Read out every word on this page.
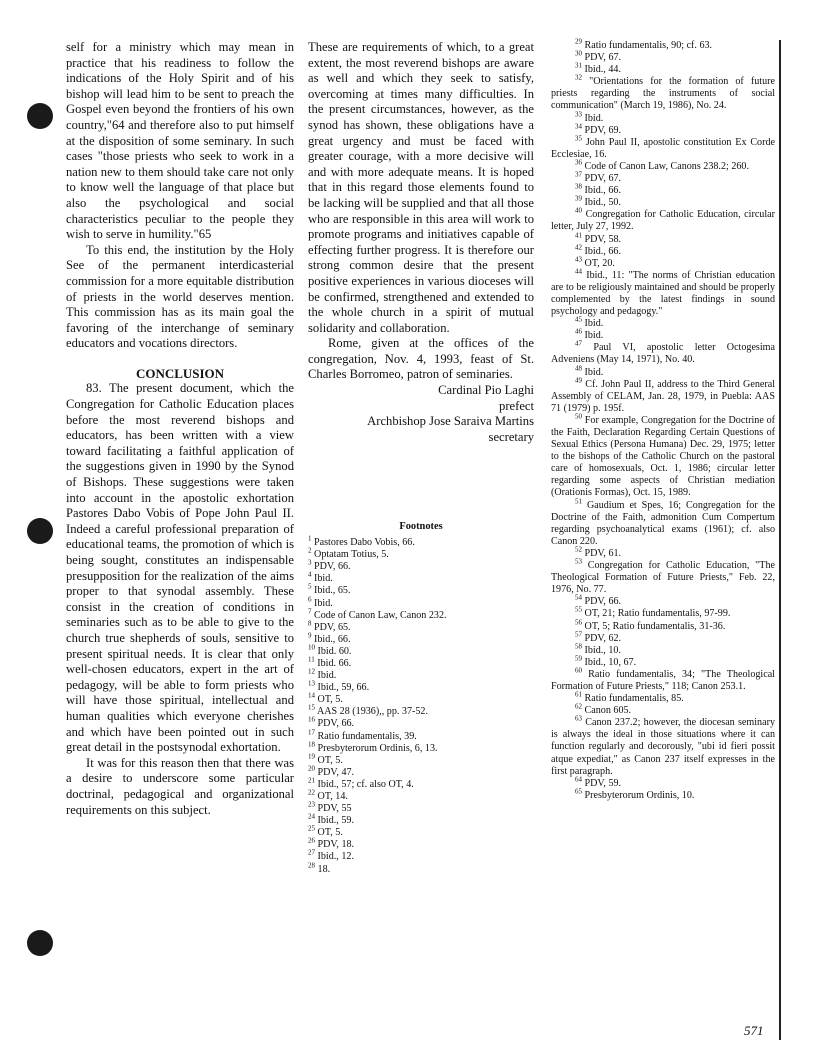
self for a ministry which may mean in practice that his readiness to follow the indications of the Holy Spirit and of his bishop will lead him to be sent to preach the Gospel even beyond the frontiers of his own country,"64 and therefore also to put himself at the disposition of some seminary. In such cases "those priests who seek to work in a nation new to them should take care not only to know well the language of that place but also the psychological and social characteristics peculiar to the people they wish to serve in humility."65

To this end, the institution by the Holy See of the permanent interdicasterial commission for a more equitable distribution of priests in the world deserves mention. This commission has as its main goal the favoring of the interchange of seminary educators and vocations directors.

CONCLUSION

83. The present document, which the Congregation for Catholic Education places before the most reverend bishops and educators, has been written with a view toward facilitating a faithful application of the suggestions given in 1990 by the Synod of Bishops. These suggestions were taken into account in the apostolic exhortation Pastores Dabo Vobis of Pope John Paul II. Indeed a careful professional preparation of educational teams, the promotion of which is being sought, constitutes an indispensable presupposition for the realization of the aims proper to that synodal assembly. These consist in the creation of conditions in seminaries such as to be able to give to the church true shepherds of souls, sensitive to present spiritual needs. It is clear that only well-chosen educators, expert in the art of pedagogy, will be able to form priests who will have those spiritual, intellectual and human qualities which everyone cherishes and which have been pointed out in such great detail in the postsynodal exhortation.

It was for this reason then that there was a desire to underscore some particular doctrinal, pedagogical and organizational requirements on this subject.

These are requirements of which, to a great extent, the most reverend bishops are aware as well and which they seek to satisfy, overcoming at times many difficulties. In the present circumstances, however, as the synod has shown, these obligations have a great urgency and must be faced with greater courage, with a more decisive will and with more adequate means. It is hoped that in this regard those elements found to be lacking will be supplied and that all those who are responsible in this area will work to promote programs and initiatives capable of effecting further progress. It is therefore our strong common desire that the present positive experiences in various dioceses will be confirmed, strengthened and extended to the whole church in a spirit of mutual solidarity and collaboration.

Rome, given at the offices of the congregation, Nov. 4, 1993, feast of St. Charles Borromeo, patron of seminaries.

Cardinal Pio Laghi

prefect

Archbishop Jose Saraiva Martins

secretary

Footnotes

$^1$ Pastores Dabo Vobis, 66.

$^2$ Optatam Totius, 5.

$^3$ PDV, 66.

$^4$ Ibid.

$^5$ Ibid., 65.

$^6$ Ibid.

$^7$ Code of Canon Law, Canon 232.

$^8$ PDV, 65.

$^9$ Ibid., 66.

$^{10}$ Ibid. 60.

$^{11}$ Ibid. 66.

$^{12}$ Ibid.

$^{13}$ Ibid., 59, 66.

$^{14}$ OT, 5.

$^{15}$ AAS 28 (1936),, pp. 37-52.

$^{16}$ PDV, 66.

$^{17}$ Ratio fundamentalis, 39.

$^{18}$ Presbyterorum Ordinis, 6, 13.

$^{19}$ OT, 5.

$^{20}$ PDV, 47.

$^{21}$ Ibid., 57; cf. also OT, 4.

$^{22}$ OT, 14.

$^{23}$ PDV, 55

$^{24}$ Ibid., 59.

$^{25}$ OT, 5.

$^{26}$ PDV, 18.

$^{27}$ Ibid., 12.

$^{28}$ 18.

$^{29}$ Ratio fundamentalis, 90; cf. 63.

$^{30}$ PDV, 67.

$^{31}$ Ibid., 44.

$^{32}$ "Orientations for the formation of future priests regarding the instruments of social communication" (March 19, 1986), No. 24.

$^{33}$ Ibid.

$^{34}$ PDV, 69.

$^{35}$ John Paul II, apostolic constitution Ex Corde Ecclesiae, 16.

$^{36}$ Code of Canon Law, Canons 238.2; 260.

$^{37}$ PDV, 67.

$^{38}$ Ibid., 66.

$^{39}$ Ibid., 50.

$^{40}$ Congregation for Catholic Education, circular letter, July 27, 1992.

$^{41}$ PDV, 58.

$^{42}$ Ibid., 66.

$^{43}$ OT, 20.

$^{44}$ Ibid., 11: "The norms of Christian education are to be religiously maintained and should be properly complemented by the latest findings in sound psychology and pedagogy."

$^{45}$ Ibid.

$^{46}$ Ibid.

$^{47}$ Paul VI, apostolic letter Octogesima Adveniens (May 14, 1971), No. 40.

$^{48}$ Ibid.

$^{49}$ Cf. John Paul II, address to the Third General Assembly of CELAM, Jan. 28, 1979, in Puebla: AAS 71 (1979) p. 195f.

$^{50}$ For example, Congregation for the Doctrine of the Faith, Declaration Regarding Certain Questions of Sexual Ethics (Persona Humana) Dec. 29, 1975; letter to the bishops of the Catholic Church on the pastoral care of homosexuals, Oct. 1, 1986; circular letter regarding some aspects of Christian mediation (Orationis Formas), Oct. 15, 1989.

$^{51}$ Gaudium et Spes, 16; Congregation for the Doctrine of the Faith, admonition Cum Compertum regarding psychoanalytical exams (1961); cf. also Canon 220.

$^{52}$ PDV, 61.

$^{53}$ Congregation for Catholic Education, "The Theological Formation of Future Priests," Feb. 22, 1976, No. 77.

$^{54}$ PDV, 66.

$^{55}$ OT, 21; Ratio fundamentalis, 97-99.

$^{56}$ OT, 5; Ratio fundamentalis, 31-36.

$^{57}$ PDV, 62.

$^{58}$ Ibid., 10.

$^{59}$ Ibid., 10, 67.

$^{60}$ Ratio fundamentalis, 34; "The Theological Formation of Future Priests," 118; Canon 253.1.

$^{61}$ Ratio fundamentalis, 85.

$^{62}$ Canon 605.

$^{63}$ Canon 237.2; however, the diocesan seminary is always the ideal in those situations where it can function regularly and decorously, "ubi id fieri possit atque expediat," as Canon 237 itself expresses in the first paragraph.

$^{64}$ PDV, 59.

$^{65}$ Presbyterorum Ordinis, 10.

571
